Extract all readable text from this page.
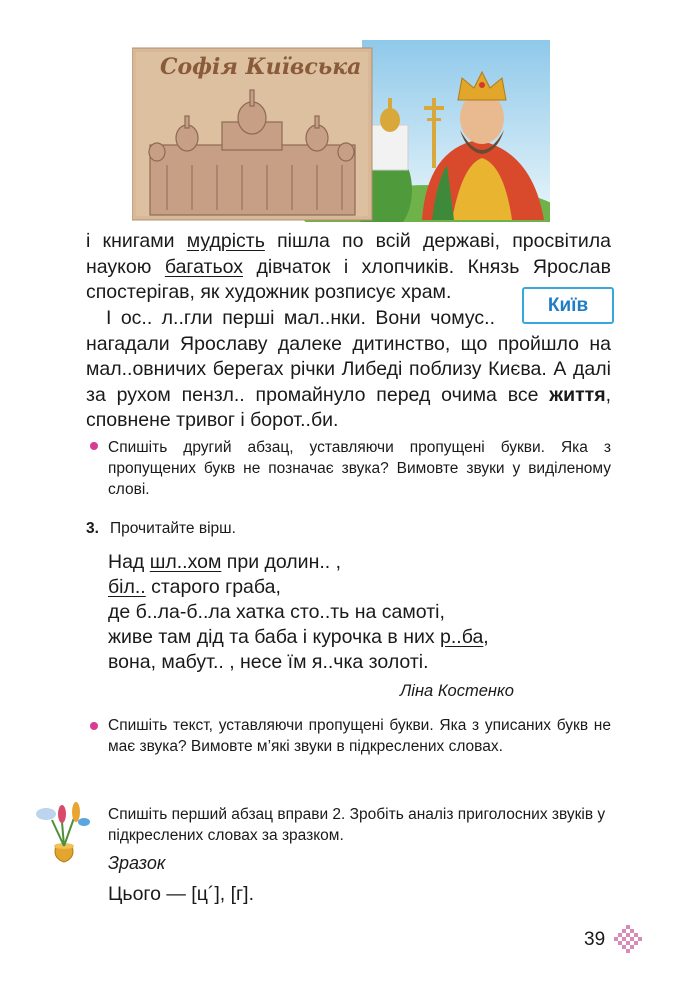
Софія Київська
і книгами мудрість пішла по всій державі, просвітила наукою багатьох дівчаток і хлопчиків. Князь Ярослав спостерігав, як художник розписує храм.
Київ
І ос.. л..гли перші мал..нки. Вони чомус.. нагадали Ярославу далеке дитинство, що пройшло на мал..овничих берегах річки Либеді поблизу Києва. А далі за рухом пензл.. промайнуло перед очима все життя, сповнене тривог і борот..би.
Спишіть другий абзац, уставляючи пропущені букви. Яка з пропущених букв не позначає звука? Вимовте звуки у виділеному слові.
3. Прочитайте вірш.
Над шл..хом при долин.. ,
біл.. старого граба,
де б..ла-б..ла хатка сто..ть на самоті,
живе там дід та баба і курочка в них р..ба,
вона, мабут.. , несе їм я..чка золоті.
Ліна Костенко
Спишіть текст, уставляючи пропущені букви. Яка з уписаних букв не має звука? Вимовте м’які звуки в підкреслених словах.
Спишіть перший абзац вправи 2. Зробіть аналіз приголосних звуків у підкреслених словах за зразком.
Зразок
Цього — [ц´], [г].
39
